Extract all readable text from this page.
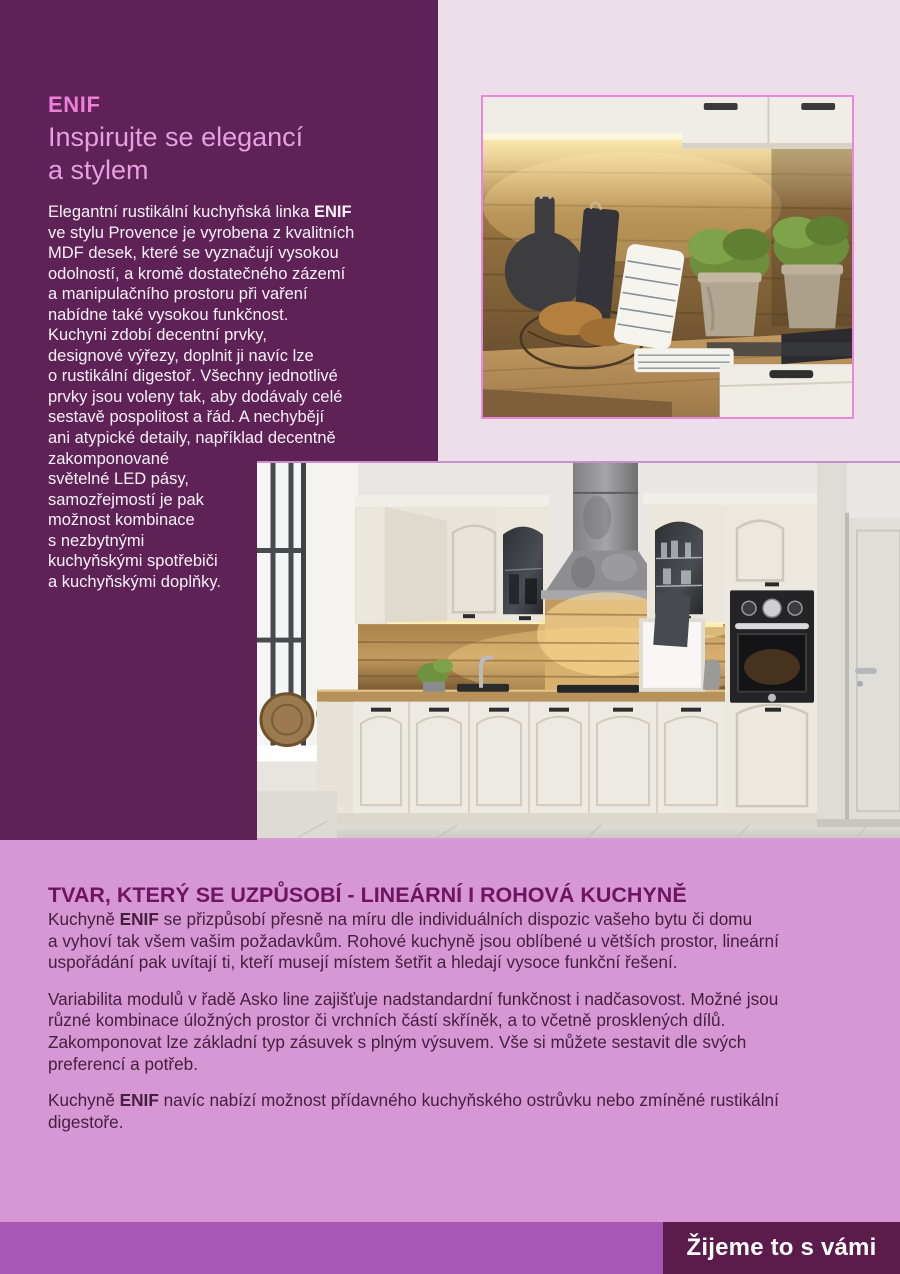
ENIF
Inspirujte se elegancí
a stylem
Elegantní rustikální kuchyňská linka ENIF
ve stylu Provence je vyrobena z kvalitních
MDF desek, které se vyznačují vysokou
odolností, a kromě dostatečného zázemí
a manipulačního prostoru při vaření
nabídne také vysokou funkčnost.
Kuchyni zdobí decentní prvky,
designové výřezy, doplnit ji navíc lze
o rustikální digestoř. Všechny jednotlivé
prvky jsou voleny tak, aby dodávaly celé
sestavě pospolitost a řád. A nechybějí
ani atypické detaily, například decentně
zakomponované
světelné LED pásy,
samozřejmostí je pak
možnost kombinace
s nezbytnými
kuchyňskými spotřebiči
a kuchyňskými doplňky.
TVAR, KTERÝ SE UZPŮSOBÍ - LINEÁRNÍ I ROHOVÁ KUCHYNĚ
Kuchyně ENIF se přizpůsobí přesně na míru dle individuálních dispozic vašeho bytu či domu
a vyhoví tak všem vašim požadavkům. Rohové kuchyně jsou oblíbené u větších prostor, lineární
uspořádání pak uvítají ti, kteří musejí místem šetřit a hledají vysoce funkční řešení.
Variabilita modulů v řadě Asko line zajišťuje nadstandardní funkčnost i nadčasovost. Možné jsou
různé kombinace úložných prostor či vrchních částí skříněk, a to včetně prosklených dílů.
Zakomponovat lze základní typ zásuvek s plným výsuvem. Vše si můžete sestavit dle svých
preferencí a potřeb.
Kuchyně ENIF navíc nabízí možnost přídavného kuchyňského ostrůvku nebo zmíněné rustikální
digestoře.
Žijeme to s vámi
